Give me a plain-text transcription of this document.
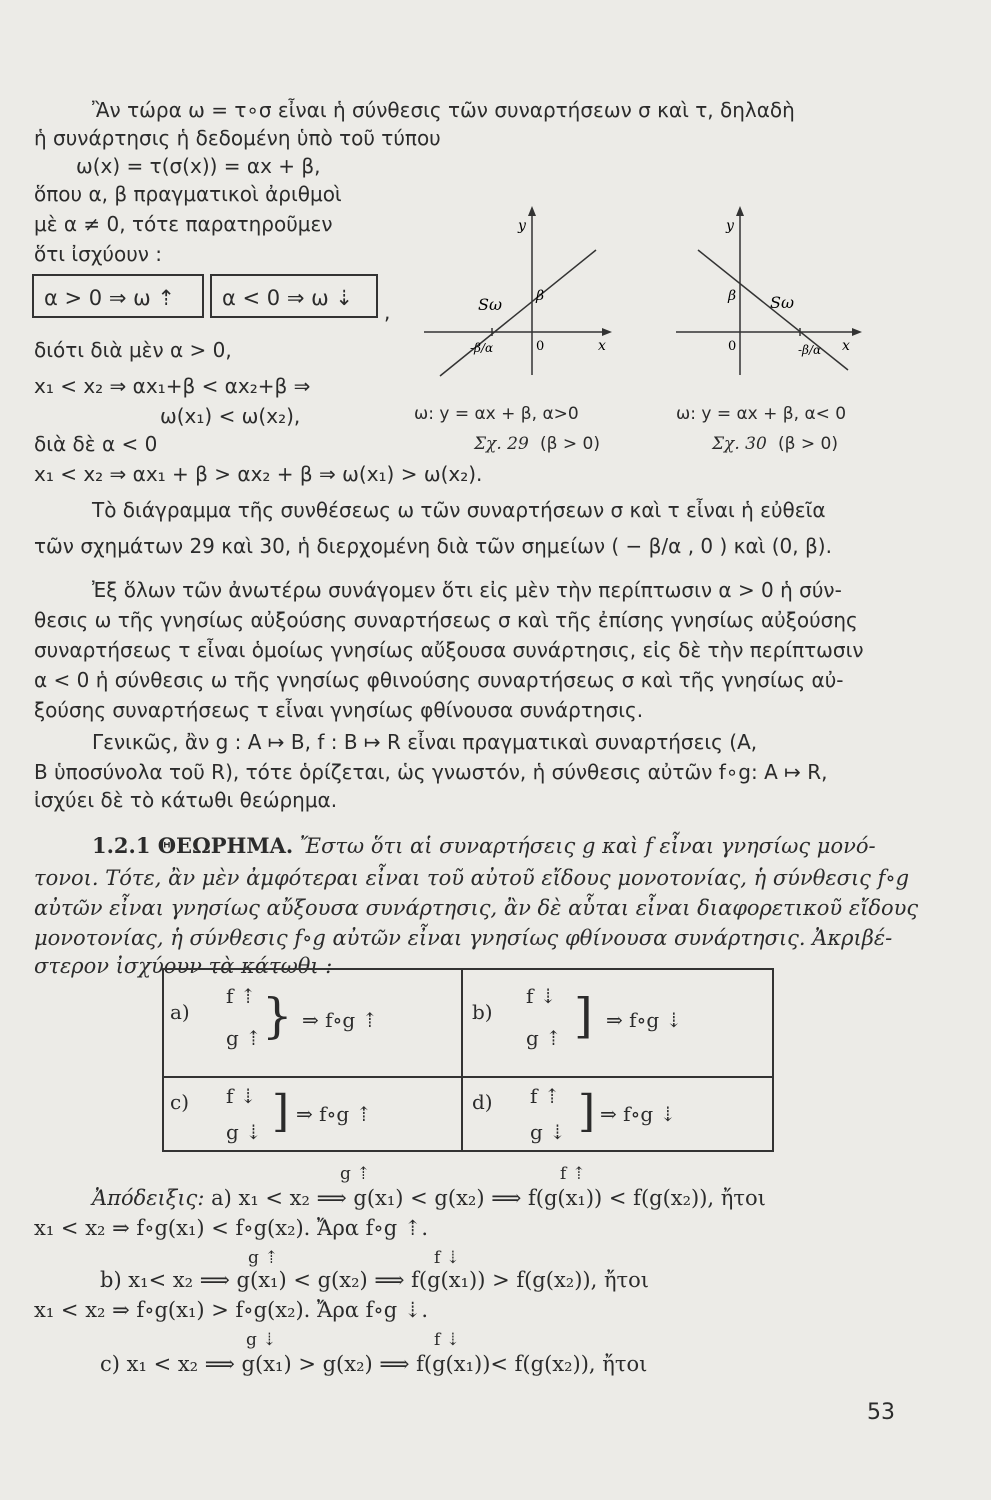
Ἂν τώρα ω = τ∘σ εἶναι ἡ σύνθεσις τῶν συναρτήσεων σ καὶ τ, δηλαδὴ
ἡ συνάρτησις ἡ δεδομένη ὑπὸ τοῦ τύπου
ω(x) = τ(σ(x)) = αx + β,
ὅπου α, β πραγματικοὶ ἀριθμοὶ
μὲ α ≠ 0, τότε παρατηροῦμεν
ὅτι ἰσχύουν :
α > 0 ⇒ ω ⇡	α < 0 ⇒ ω ⇣
,
διότι διὰ μὲν α > 0,
x₁ < x₂ ⇒ αx₁+β < αx₂+β ⇒
ω(x₁) < ω(x₂),
διὰ δὲ α < 0
x₁ < x₂ ⇒ αx₁ + β > αx₂ + β ⇒ ω(x₁) > ω(x₂).
y
x
0
β
Sω
-β/α
y
x
0
β Sω
-β/α
ω: y = αx + β, α>0
Σχ. 29 (β > 0)
ω: y = αx + β, α< 0
Σχ. 30 (β > 0)
Τὸ διάγραμμα τῆς συνθέσεως ω τῶν συναρτήσεων σ καὶ τ εἶναι ἡ εὐθεῖα
τῶν σχημάτων 29 καὶ 30, ἡ διερχομένη διὰ τῶν σημείων ( − β/α , 0 ) καὶ (0, β).
Ἐξ ὅλων τῶν ἀνωτέρω συνάγομεν ὅτι εἰς μὲν τὴν περίπτωσιν α > 0 ἡ σύν-
θεσις ω τῆς γνησίως αὐξούσης συναρτήσεως σ καὶ τῆς ἐπίσης γνησίως αὐξούσης
συναρτήσεως τ εἶναι ὁμοίως γνησίως αὔξουσα συνάρτησις, εἰς δὲ τὴν περίπτωσιν
α < 0 ἡ σύνθεσις ω τῆς γνησίως φθινούσης συναρτήσεως σ καὶ τῆς γνησίως αὐ-
ξούσης συναρτήσεως τ εἶναι γνησίως φθίνουσα συνάρτησις.
Γενικῶς, ἂν g : A ↦ B, f : B ↦ R εἶναι πραγματικαὶ συναρτήσεις (A,
B ὑποσύνολα τοῦ R), τότε ὁρίζεται, ὡς γνωστόν, ἡ σύνθεσις αὐτῶν f∘g: A ↦ R,
ἰσχύει δὲ τὸ κάτωθι θεώρημα.
1.2.1 ΘΕΩΡΗΜΑ. Ἔστω ὅτι αἱ συναρτήσεις g καὶ f εἶναι γνησίως μονό-
τονοι. Τότε, ἂν μὲν ἀμφότεραι εἶναι τοῦ αὐτοῦ εἴδους μονοτονίας, ἡ σύνθεσις f∘g
αὐτῶν εἶναι γνησίως αὔξουσα συνάρτησις, ἂν δὲ αὗται εἶναι διαφορετικοῦ εἴδους
μονοτονίας, ἡ σύνθεσις f∘g αὐτῶν εἶναι γνησίως φθίνουσα συνάρτησις. Ἀκριβέ-
στερον ἰσχύουν τὰ κάτωθι :
a)
f ⇡
g ⇡ } ⇒ f∘g ⇡	b)
f ⇣
g ⇡ ] ⇒ f∘g ⇣
c) f ⇣
g ⇣ ] ⇒ f∘g ⇡	d) f ⇡
g ⇣ ] ⇒ f∘g ⇣
g ⇡	f ⇡
Ἀπόδειξις: a) x₁ < x₂ ⟹ g(x₁) < g(x₂) ⟹ f(g(x₁)) < f(g(x₂)), ἤτοι
x₁ < x₂ ⇒ f∘g(x₁) < f∘g(x₂). Ἄρα f∘g ⇡.
g ⇡	f ⇣
b) x₁< x₂ ⟹ g(x₁) < g(x₂) ⟹ f(g(x₁)) > f(g(x₂)), ἤτοι
x₁ < x₂ ⇒ f∘g(x₁) > f∘g(x₂). Ἄρα f∘g ⇣.
g ⇣	f ⇣
c) x₁ < x₂ ⟹ g(x₁) > g(x₂) ⟹ f(g(x₁))< f(g(x₂)), ἤτοι
53
